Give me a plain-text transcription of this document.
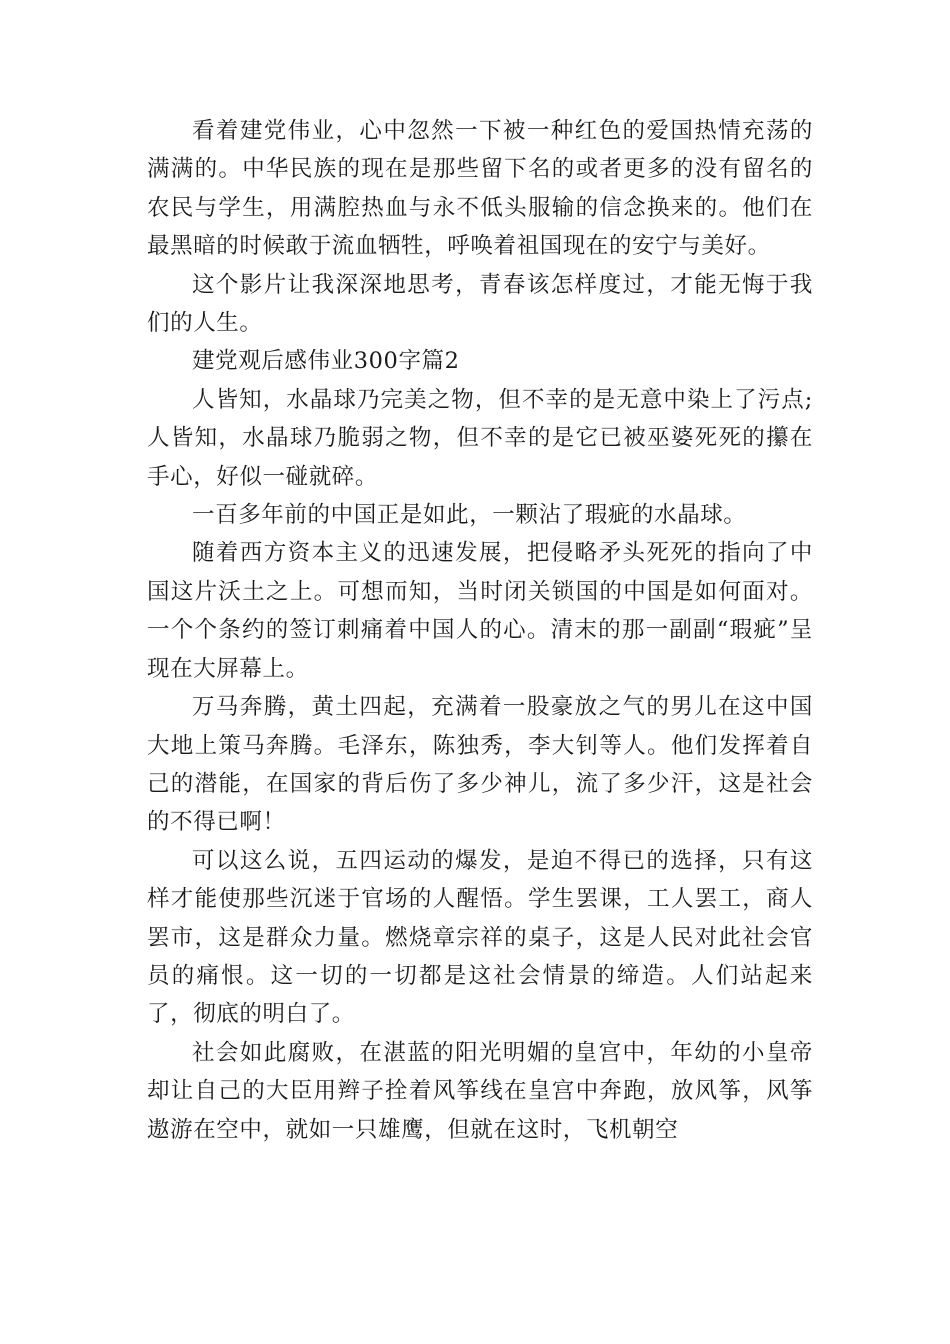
看着建党伟业，心中忽然一下被一种红色的爱国热情充荡的满满的。中华民族的现在是那些留下名的或者更多的没有留名的农民与学生，用满腔热血与永不低头服输的信念换来的。他们在最黑暗的时候敢于流血牺牲，呼唤着祖国现在的安宁与美好。

这个影片让我深深地思考，青春该怎样度过，才能无悔于我们的人生。

建党观后感伟业300字篇2

人皆知，水晶球乃完美之物，但不幸的是无意中染上了污点;人皆知，水晶球乃脆弱之物，但不幸的是它已被巫婆死死的攥在手心，好似一碰就碎。

一百多年前的中国正是如此，一颗沾了瑕疵的水晶球。

随着西方资本主义的迅速发展，把侵略矛头死死的指向了中国这片沃土之上。可想而知，当时闭关锁国的中国是如何面对。一个个条约的签订刺痛着中国人的心。清末的那一副副“瑕疵”呈现在大屏幕上。

万马奔腾，黄土四起，充满着一股豪放之气的男儿在这中国大地上策马奔腾。毛泽东，陈独秀，李大钊等人。他们发挥着自己的潜能，在国家的背后伤了多少神儿，流了多少汗，这是社会的不得已啊！

可以这么说，五四运动的爆发，是迫不得已的选择，只有这样才能使那些沉迷于官场的人醒悟。学生罢课，工人罢工，商人罢市，这是群众力量。燃烧章宗祥的桌子，这是人民对此社会官员的痛恨。这一切的一切都是这社会情景的缔造。人们站起来了，彻底的明白了。

社会如此腐败，在湛蓝的阳光明媚的皇宫中，年幼的小皇帝却让自己的大臣用辫子拴着风筝线在皇宫中奔跑，放风筝，风筝遨游在空中，就如一只雄鹰，但就在这时，飞机朝空
